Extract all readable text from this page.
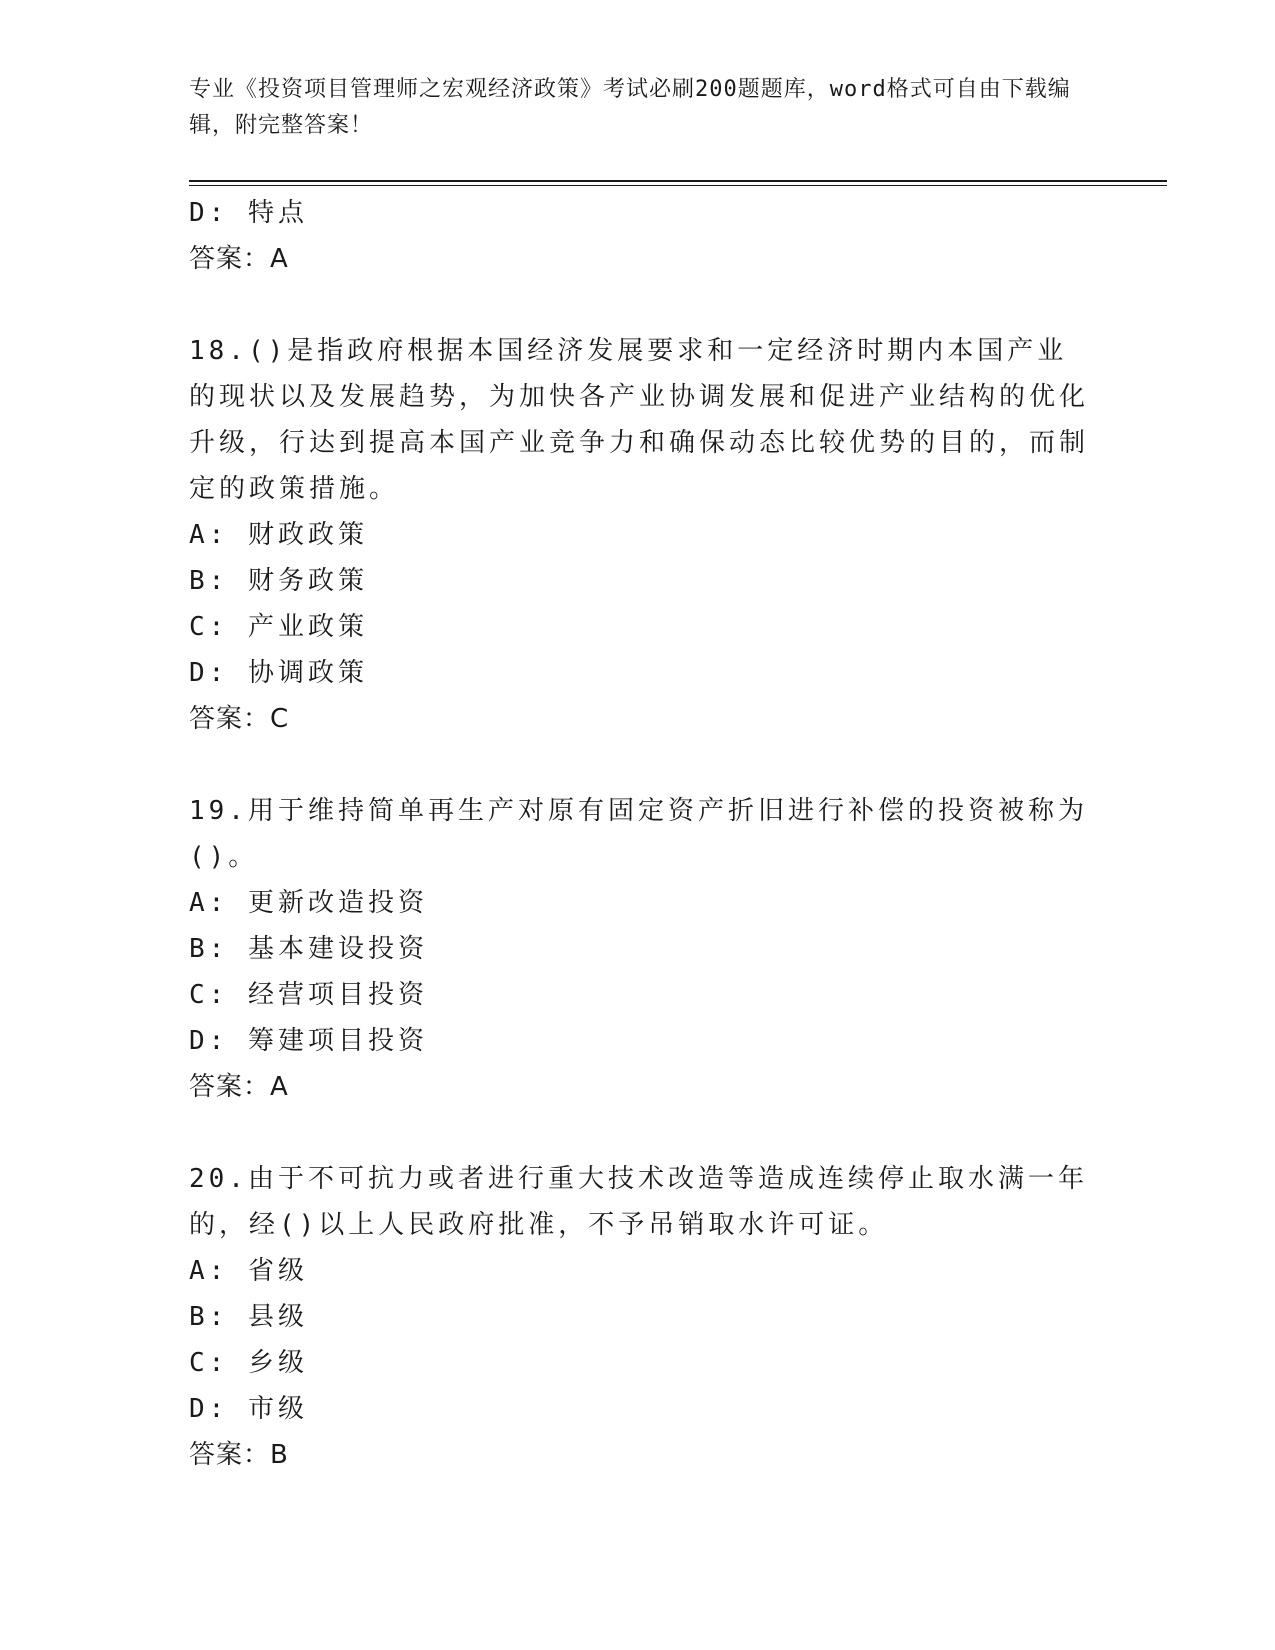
专业《投资项目管理师之宏观经济政策》考试必刷200题题库，word格式可自由下载编辑，附完整答案！

D: 特点

答案：A

18.()是指政府根据本国经济发展要求和一定经济时期内本国产业的现状以及发展趋势，为加快各产业协调发展和促进产业结构的优化升级，行达到提高本国产业竞争力和确保动态比较优势的目的，而制定的政策措施。

A: 财政政策

B: 财务政策

C: 产业政策

D: 协调政策

答案：C

19.用于维持简单再生产对原有固定资产折旧进行补偿的投资被称为()。

A: 更新改造投资

B: 基本建设投资

C: 经营项目投资

D: 筹建项目投资

答案：A

20.由于不可抗力或者进行重大技术改造等造成连续停止取水满一年的，经()以上人民政府批准，不予吊销取水许可证。

A: 省级

B: 县级

C: 乡级

D: 市级

答案：B
